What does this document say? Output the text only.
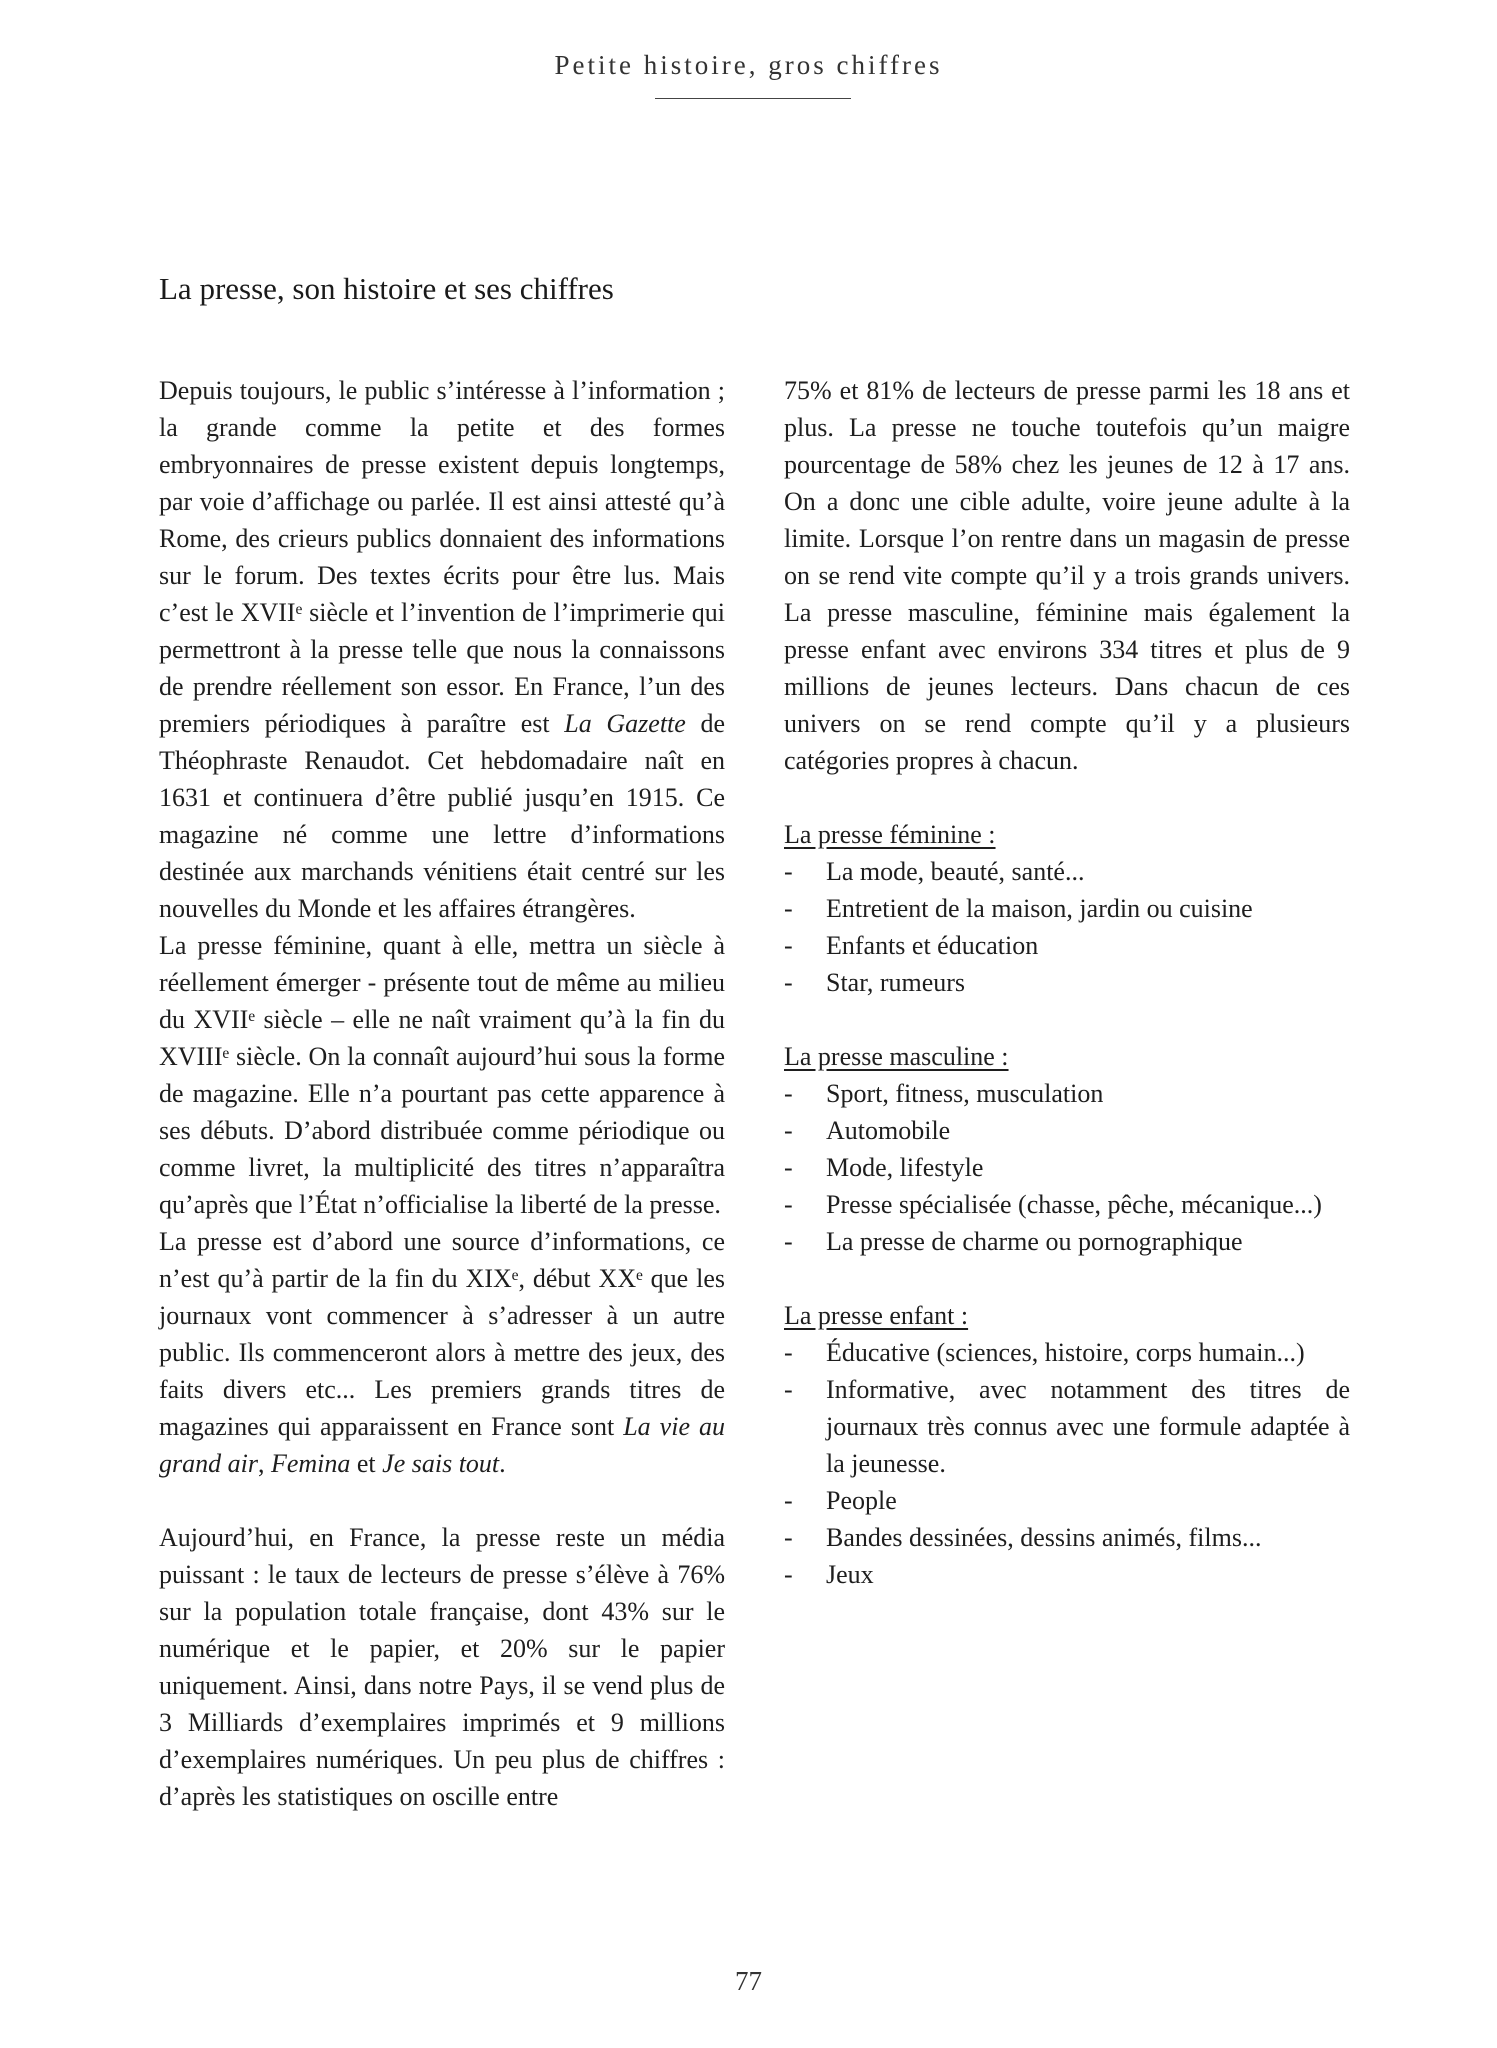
Petite histoire, gros chiffres
La presse, son histoire et ses chiffres

Depuis toujours, le public s’intéresse à l’information ; la grande comme la petite et des formes embryonnaires de presse existent depuis longtemps, par voie d’affichage ou parlée. Il est ainsi attesté qu’à Rome, des crieurs publics donnaient des informations sur le forum. Des textes écrits pour être lus. Mais c’est le XVIIᵉ siècle et l’invention de l’imprimerie qui permettront à la presse telle que nous la connaissons de prendre réellement son essor. En France, l’un des premiers périodiques à paraître est La Gazette de Théophraste Renaudot. Cet hebdomadaire naît en 1631 et continuera d’être publié jusqu’en 1915. Ce magazine né comme une lettre d’informations destinée aux marchands vénitiens était centré sur les nouvelles du Monde et les affaires étrangères.

La presse féminine, quant à elle, mettra un siècle à réellement émerger - présente tout de même au milieu du XVIIᵉ siècle – elle ne naît vraiment qu’à la fin du XVIIIᵉ siècle. On la connaît aujourd’hui sous la forme de magazine. Elle n’a pourtant pas cette apparence à ses débuts. D’abord distribuée comme périodique ou comme livret, la multiplicité des titres n’apparaîtra qu’après que l’État n’officialise la liberté de la presse.

La presse est d’abord une source d’informations, ce n’est qu’à partir de la fin du XIXᵉ, début XXᵉ que les journaux vont commencer à s’adresser à un autre public. Ils commenceront alors à mettre des jeux, des faits divers etc... Les premiers grands titres de magazines qui apparaissent en France sont La vie au grand air, Femina et Je sais tout.

Aujourd’hui, en France, la presse reste un média puissant : le taux de lecteurs de presse s’élève à 76% sur la population totale française, dont 43% sur le numérique et le papier, et 20% sur le papier uniquement. Ainsi, dans notre Pays, il se vend plus de 3 Milliards d’exemplaires imprimés et 9 millions d’exemplaires numériques. Un peu plus de chiffres : d’après les statistiques on oscille entre

75% et 81% de lecteurs de presse parmi les 18 ans et plus. La presse ne touche toutefois qu’un maigre pourcentage de 58% chez les jeunes de 12 à 17 ans. On a donc une cible adulte, voire jeune adulte à la limite. Lorsque l’on rentre dans un magasin de presse on se rend vite compte qu’il y a trois grands univers. La presse masculine, féminine mais également la presse enfant avec environs 334 titres et plus de 9 millions de jeunes lecteurs. Dans chacun de ces univers on se rend compte qu’il y a plusieurs catégories propres à chacun.

La presse féminine :

- La mode, beauté, santé...
- Entretient de la maison, jardin ou cuisine
- Enfants et éducation
- Star, rumeurs

La presse masculine :

- Sport, fitness, musculation
- Automobile
- Mode, lifestyle
- Presse spécialisée (chasse, pêche, mécanique...)
- La presse de charme ou pornographique

La presse enfant :

- Éducative (sciences, histoire, corps humain...)
- Informative, avec notamment des titres de journaux très connus avec une formule adaptée à la jeunesse.
- People
- Bandes dessinées, dessins animés, films...
- Jeux
77
